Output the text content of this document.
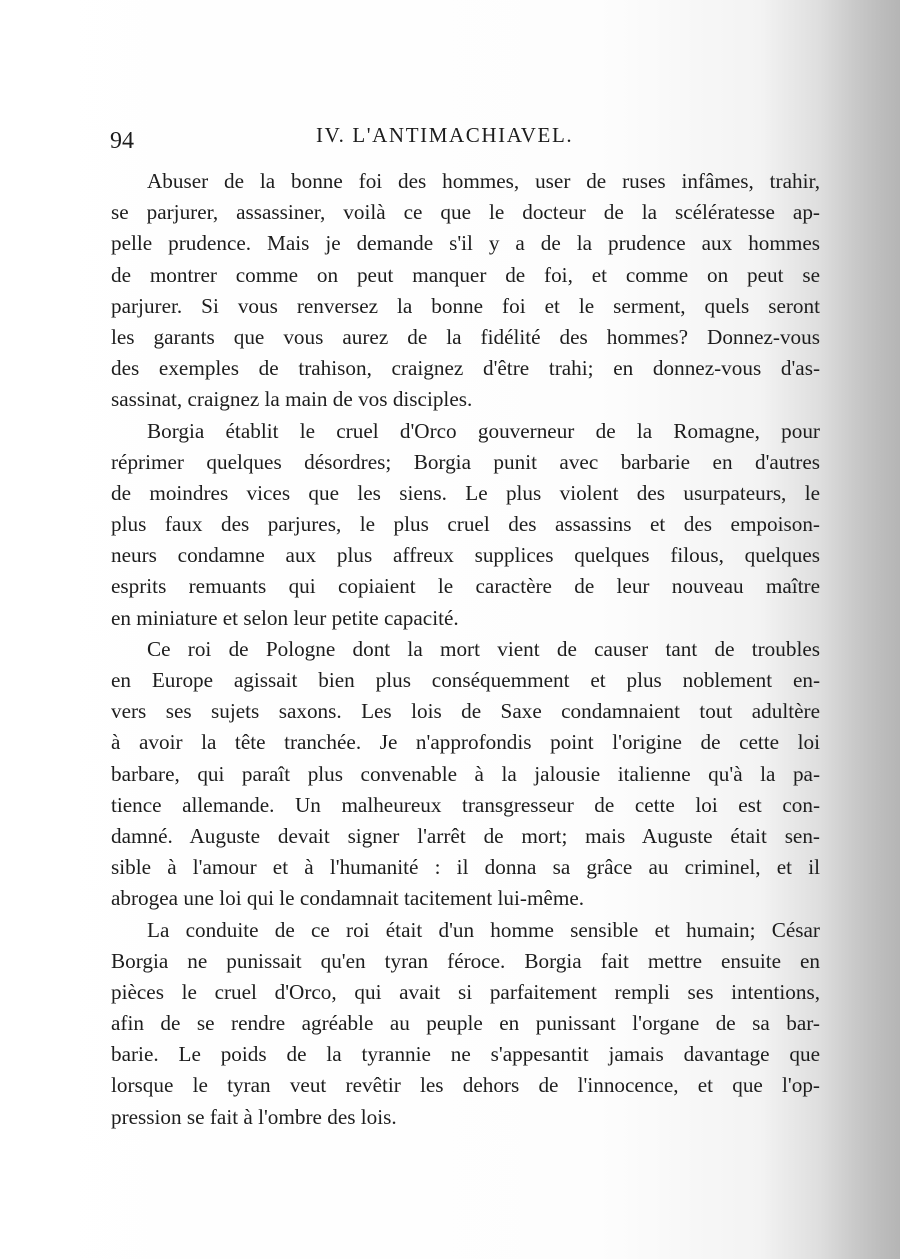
94	IV. L'ANTIMACHIAVEL.
Abuser de la bonne foi des hommes, user de ruses infâmes, trahir,
se parjurer, assassiner, voilà ce que le docteur de la scélératesse ap-
pelle prudence. Mais je demande s'il y a de la prudence aux hommes
de montrer comme on peut manquer de foi, et comme on peut se
parjurer. Si vous renversez la bonne foi et le serment, quels seront
les garants que vous aurez de la fidélité des hommes? Donnez-vous
des exemples de trahison, craignez d'être trahi; en donnez-vous d'as-
sassinat, craignez la main de vos disciples.
Borgia établit le cruel d'Orco gouverneur de la Romagne, pour
réprimer quelques désordres; Borgia punit avec barbarie en d'autres
de moindres vices que les siens. Le plus violent des usurpateurs, le
plus faux des parjures, le plus cruel des assassins et des empoison-
neurs condamne aux plus affreux supplices quelques filous, quelques
esprits remuants qui copiaient le caractère de leur nouveau maître
en miniature et selon leur petite capacité.
Ce roi de Pologne dont la mort vient de causer tant de troubles
en Europe agissait bien plus conséquemment et plus noblement en-
vers ses sujets saxons. Les lois de Saxe condamnaient tout adultère
à avoir la tête tranchée. Je n'approfondis point l'origine de cette loi
barbare, qui paraît plus convenable à la jalousie italienne qu'à la pa-
tience allemande. Un malheureux transgresseur de cette loi est con-
damné. Auguste devait signer l'arrêt de mort; mais Auguste était sen-
sible à l'amour et à l'humanité : il donna sa grâce au criminel, et il
abrogea une loi qui le condamnait tacitement lui-même.
La conduite de ce roi était d'un homme sensible et humain; César
Borgia ne punissait qu'en tyran féroce. Borgia fait mettre ensuite en
pièces le cruel d'Orco, qui avait si parfaitement rempli ses intentions,
afin de se rendre agréable au peuple en punissant l'organe de sa bar-
barie. Le poids de la tyrannie ne s'appesantit jamais davantage que
lorsque le tyran veut revêtir les dehors de l'innocence, et que l'op-
pression se fait à l'ombre des lois.
